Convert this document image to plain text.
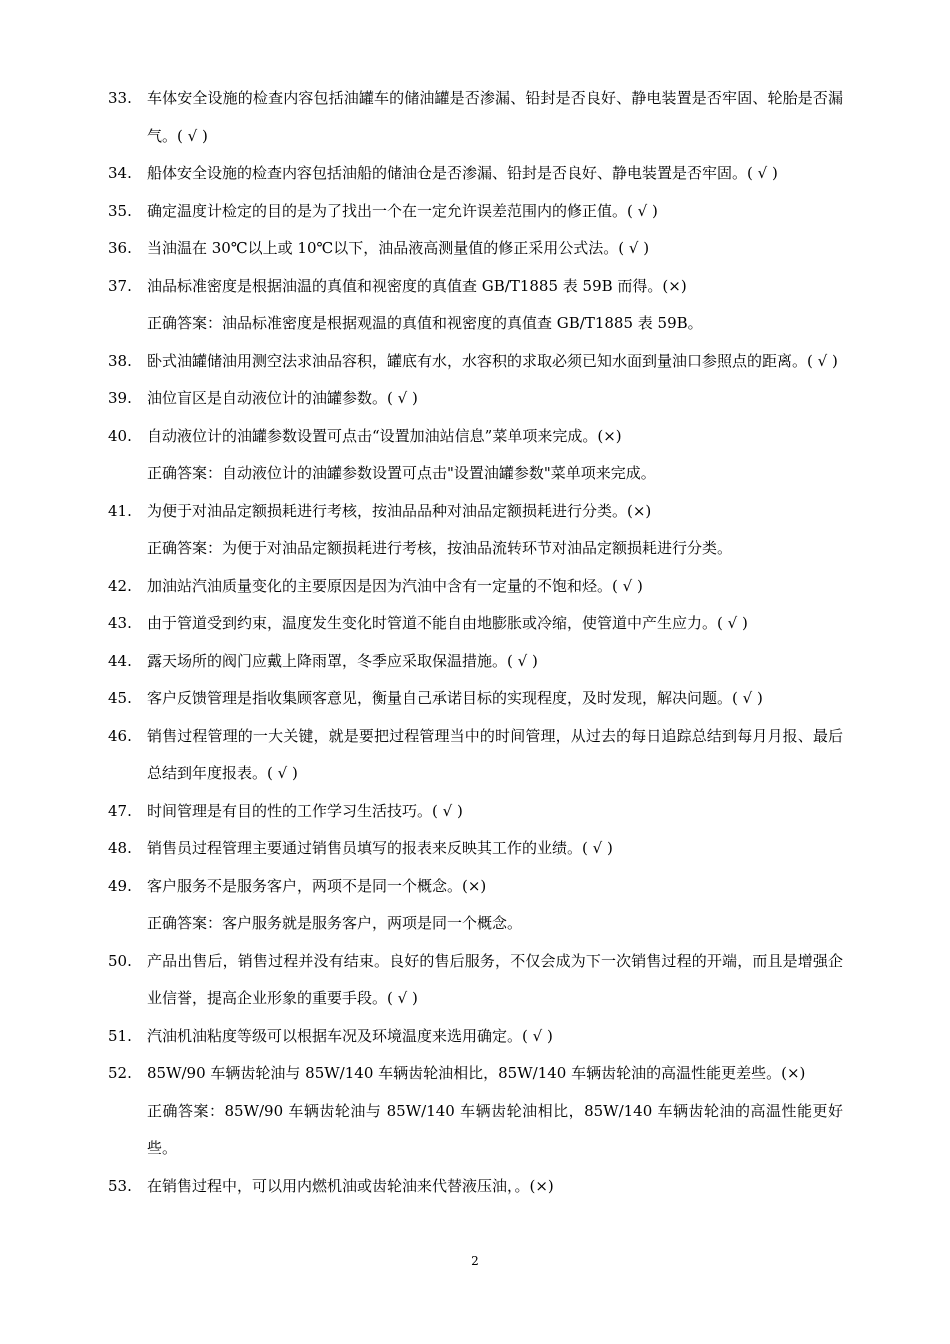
33.	车体安全设施的检查内容包括油罐车的储油罐是否渗漏、铅封是否良好、静电装置是否牢固、轮胎是否漏气。( √ )
34.	船体安全设施的检查内容包括油船的储油仓是否渗漏、铅封是否良好、静电装置是否牢固。( √ )
35.	确定温度计检定的目的是为了找出一个在一定允许误差范围内的修正值。( √ )
36.	当油温在 30℃以上或 10℃以下，油品液高测量值的修正采用公式法。( √ )
37.	油品标准密度是根据油温的真值和视密度的真值查 GB/T1885 表 59B 而得。(×)
正确答案：油品标准密度是根据观温的真值和视密度的真值查 GB/T1885 表 59B。
38.	卧式油罐储油用测空法求油品容积，罐底有水，水容积的求取必须已知水面到量油口参照点的距离。( √ )
39.	油位盲区是自动液位计的油罐参数。( √ )
40.	自动液位计的油罐参数设置可点击“设置加油站信息”菜单项来完成。(×)
正确答案：自动液位计的油罐参数设置可点击"设置油罐参数"菜单项来完成。
41.	为便于对油品定额损耗进行考核，按油品品种对油品定额损耗进行分类。(×)
正确答案：为便于对油品定额损耗进行考核，按油品流转环节对油品定额损耗进行分类。
42.	加油站汽油质量变化的主要原因是因为汽油中含有一定量的不饱和烃。( √ )
43.	由于管道受到约束，温度发生变化时管道不能自由地膨胀或冷缩，使管道中产生应力。( √ )
44.	露天场所的阀门应戴上降雨罩，冬季应采取保温措施。( √ )
45.	客户反馈管理是指收集顾客意见，衡量自己承诺目标的实现程度，及时发现，解决问题。( √ )
46.	销售过程管理的一大关键，就是要把过程管理当中的时间管理，从过去的每日追踪总结到每月月报、最后总结到年度报表。( √ )
47.	时间管理是有目的性的工作学习生活技巧。( √ )
48.	销售员过程管理主要通过销售员填写的报表来反映其工作的业绩。( √ )
49.	客户服务不是服务客户，两项不是同一个概念。(×)
正确答案：客户服务就是服务客户，两项是同一个概念。
50.	产品出售后，销售过程并没有结束。良好的售后服务，不仅会成为下一次销售过程的开端，而且是增强企业信誉，提高企业形象的重要手段。( √ )
51.	汽油机油粘度等级可以根据车况及环境温度来选用确定。( √ )
52.	85W/90 车辆齿轮油与 85W/140 车辆齿轮油相比，85W/140 车辆齿轮油的高温性能更差些。(×)
正确答案：85W/90 车辆齿轮油与 85W/140 车辆齿轮油相比，85W/140 车辆齿轮油的高温性能更好些。
53.	在销售过程中，可以用内燃机油或齿轮油来代替液压油，。(×)
2
